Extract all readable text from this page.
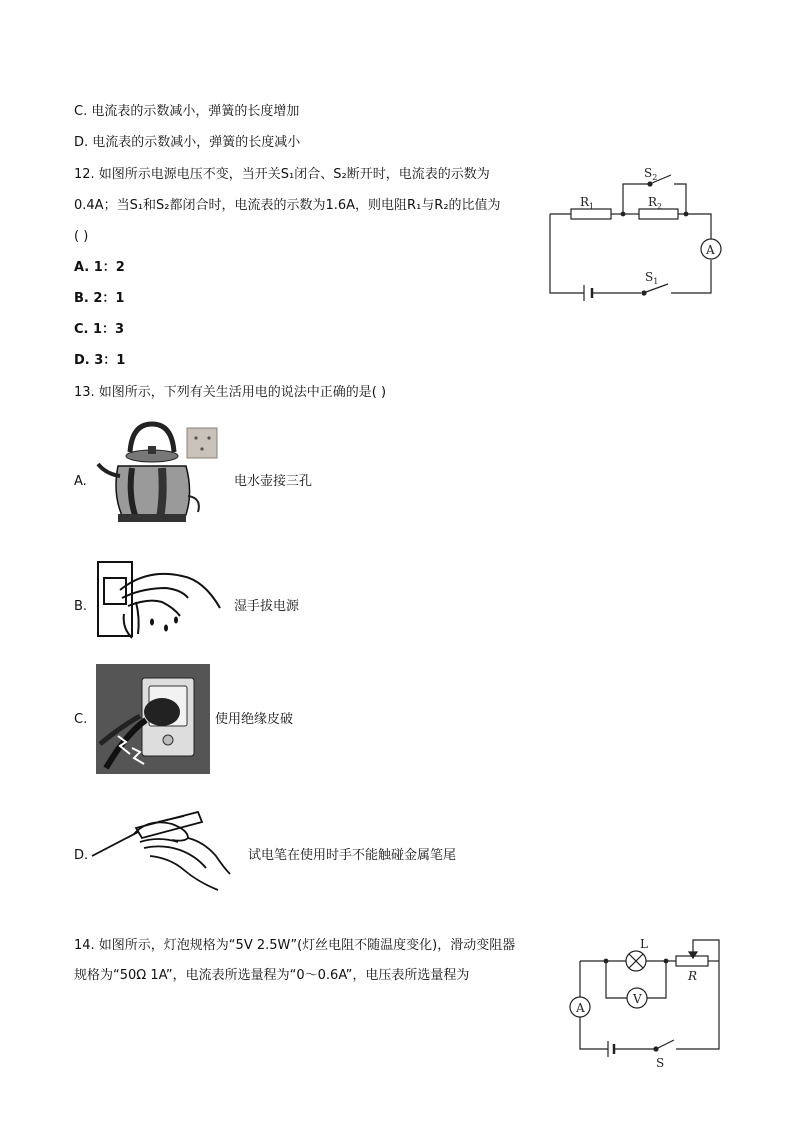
C. 电流表的示数减小，弹簧的长度增加
D. 电流表的示数减小，弹簧的长度减小
12. 如图所示电源电压不变，当开关S₁闭合、S₂断开时，电流表的示数为
0.4A；当S₁和S₂都闭合时，电流表的示数为1.6A，则电阻R₁与R₂的比值为
( )
A. 1：2
B. 2：1
C. 1：3
D. 3：1
$S_2$
$R_1$	$R_2$
A
$S_1$
13. 如图所示，下列有关生活用电的说法中正确的是( )
A.	电水壶接三孔
B.	湿手拔电源
C.	使用绝缘皮破
D.	试电笔在使用时手不能触碰金属笔尾
14. 如图所示，灯泡规格为“5V 2.5W”(灯丝电阻不随温度变化)，滑动变阻器
规格为“50Ω 1A”，电流表所选量程为“0～0.6A”，电压表所选量程为
L
R
A
V
S
